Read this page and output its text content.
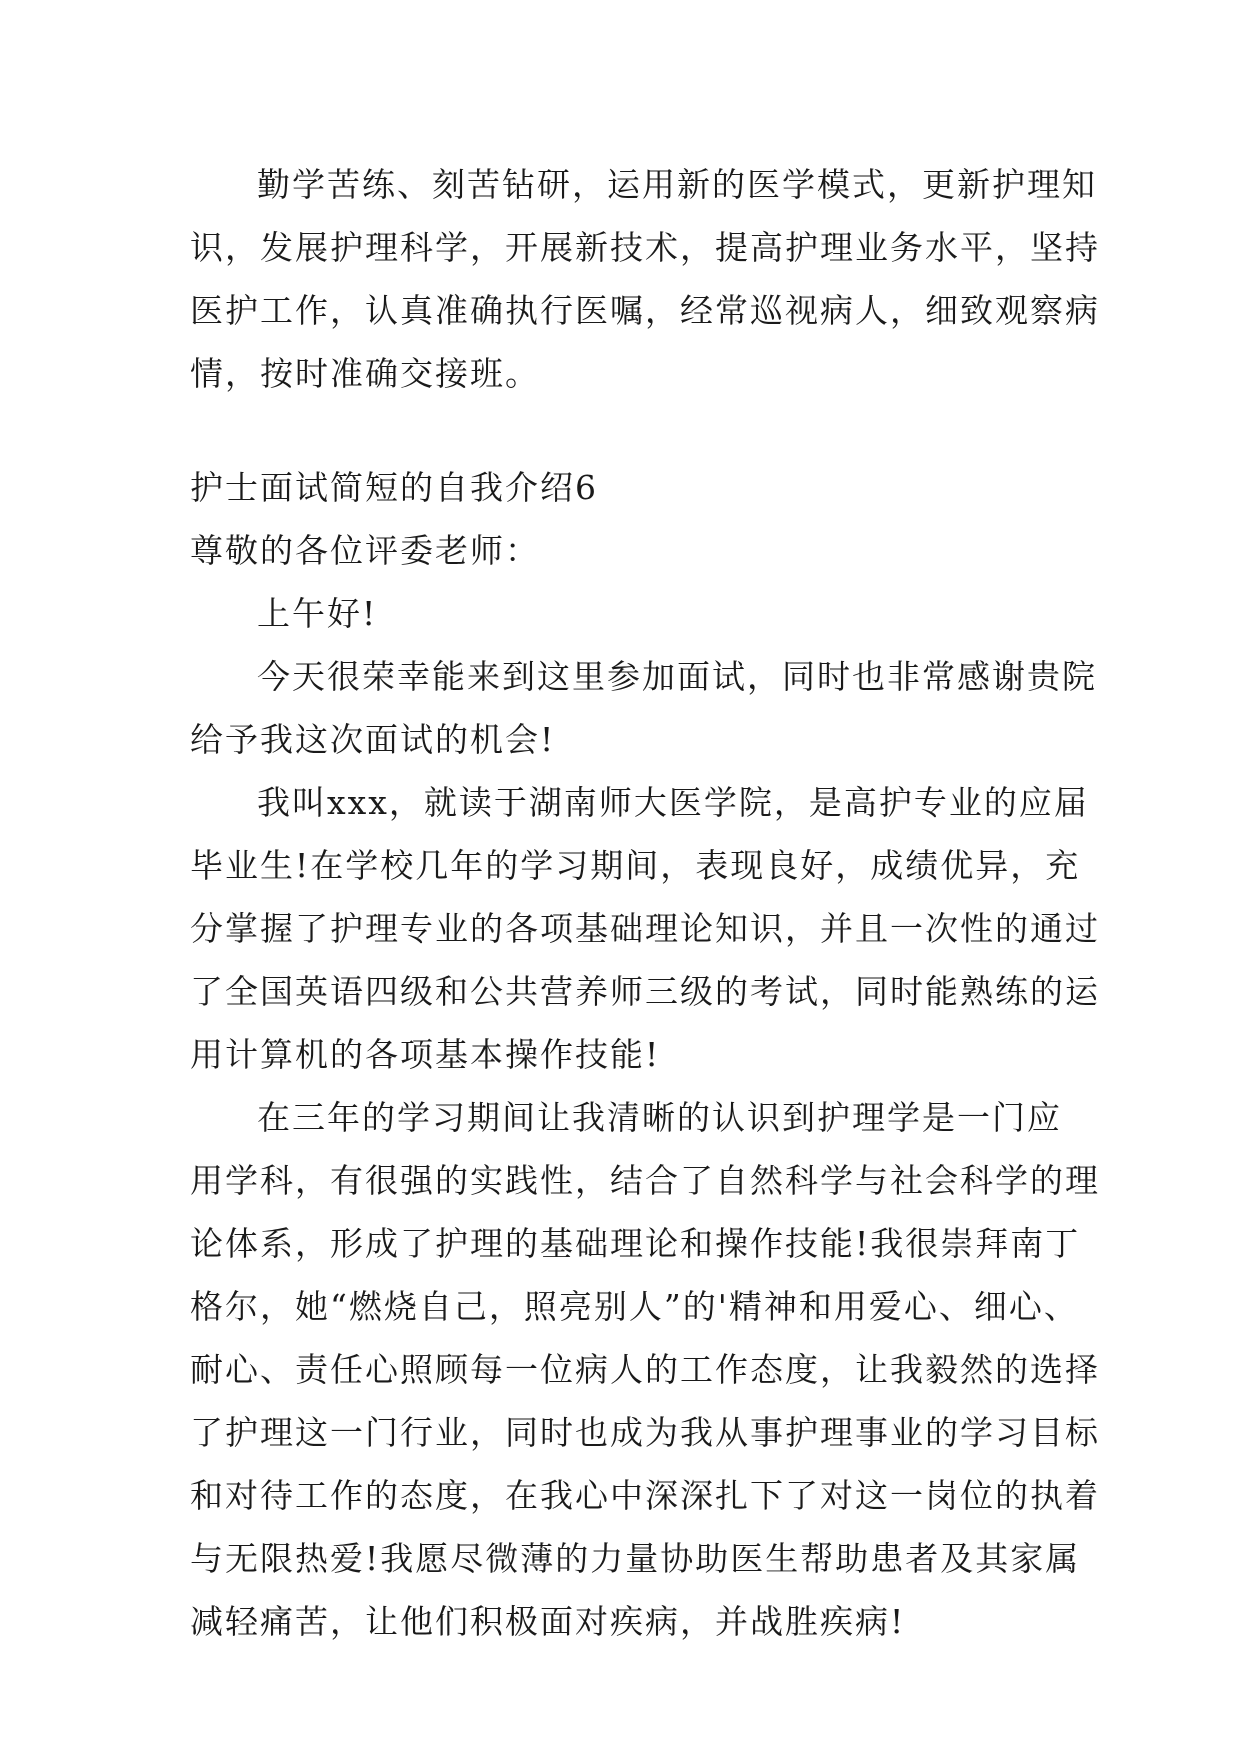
勤学苦练、刻苦钻研，运用新的医学模式，更新护理知
识，发展护理科学，开展新技术，提高护理业务水平，坚持
医护工作，认真准确执行医嘱，经常巡视病人，细致观察病
情，按时准确交接班。
护士面试简短的自我介绍6
尊敬的各位评委老师：
上午好!
今天很荣幸能来到这里参加面试，同时也非常感谢贵院
给予我这次面试的机会!
我叫xxx，就读于湖南师大医学院，是高护专业的应届
毕业生!在学校几年的学习期间，表现良好，成绩优异，充
分掌握了护理专业的各项基础理论知识，并且一次性的通过
了全国英语四级和公共营养师三级的考试，同时能熟练的运
用计算机的各项基本操作技能!
在三年的学习期间让我清晰的认识到护理学是一门应
用学科，有很强的实践性，结合了自然科学与社会科学的理
论体系，形成了护理的基础理论和操作技能!我很崇拜南丁
格尔，她“燃烧自己，照亮别人”的'精神和用爱心、细心、
耐心、责任心照顾每一位病人的工作态度，让我毅然的选择
了护理这一门行业，同时也成为我从事护理事业的学习目标
和对待工作的态度，在我心中深深扎下了对这一岗位的执着
与无限热爱!我愿尽微薄的力量协助医生帮助患者及其家属
减轻痛苦，让他们积极面对疾病，并战胜疾病!
